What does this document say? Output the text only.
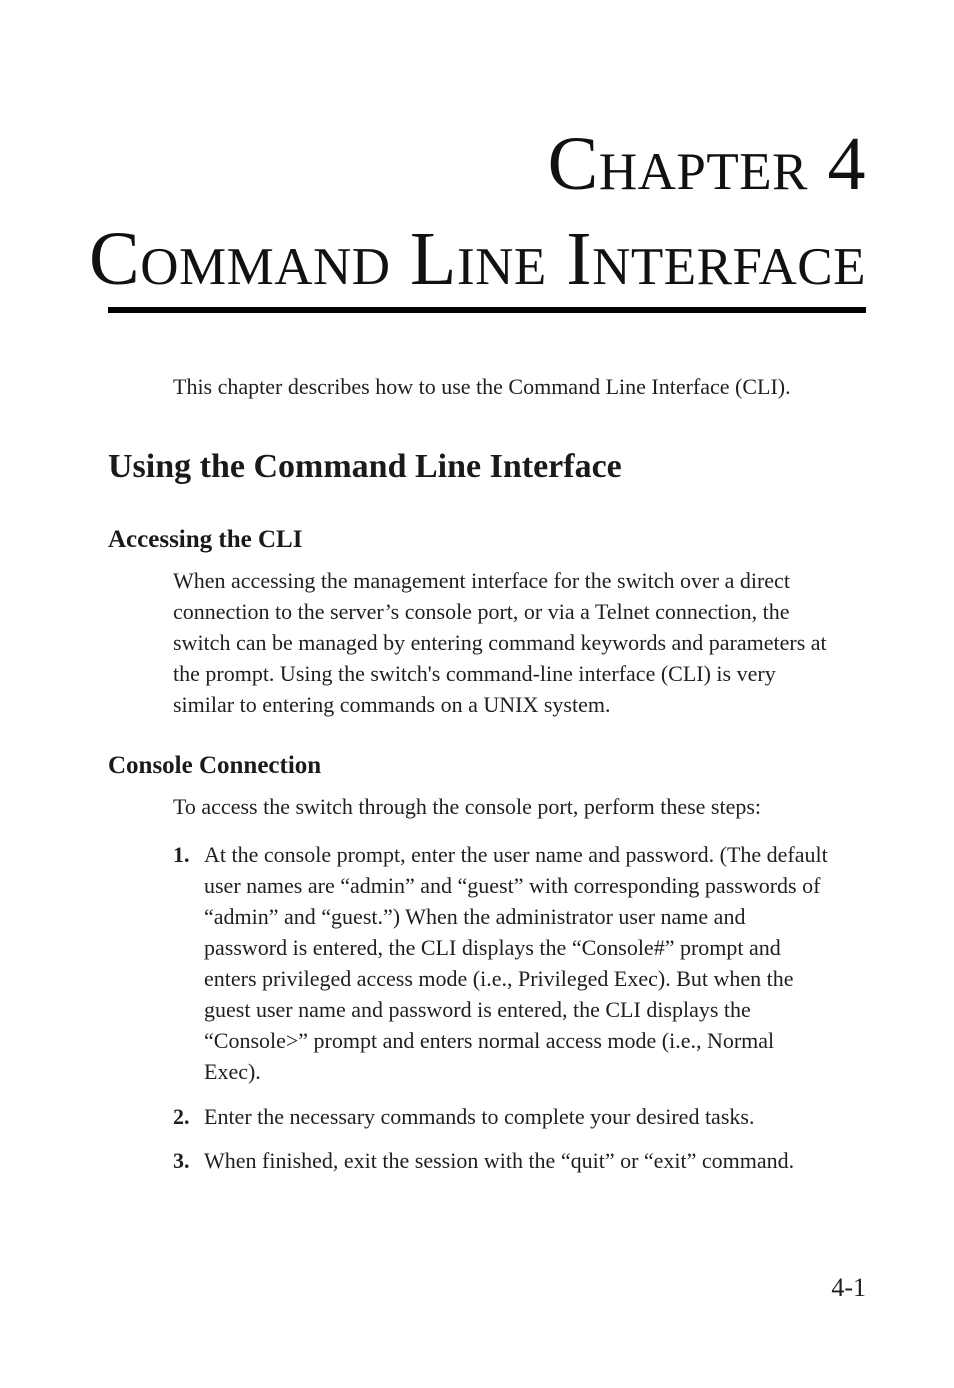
Chapter 4
Command Line Interface
This chapter describes how to use the Command Line Interface (CLI).
Using the Command Line Interface
Accessing the CLI
When accessing the management interface for the switch over a direct
connection to the server’s console port, or via a Telnet connection, the
switch can be managed by entering command keywords and parameters at
the prompt. Using the switch's command-line interface (CLI) is very
similar to entering commands on a UNIX system.
Console Connection
To access the switch through the console port, perform these steps:
1. At the console prompt, enter the user name and password. (The default
user names are “admin” and “guest” with corresponding passwords of
“admin” and “guest.”) When the administrator user name and
password is entered, the CLI displays the “Console#” prompt and
enters privileged access mode (i.e., Privileged Exec). But when the
guest user name and password is entered, the CLI displays the
“Console>” prompt and enters normal access mode (i.e., Normal
Exec).
2. Enter the necessary commands to complete your desired tasks.
3. When finished, exit the session with the “quit” or “exit” command.
4-1
